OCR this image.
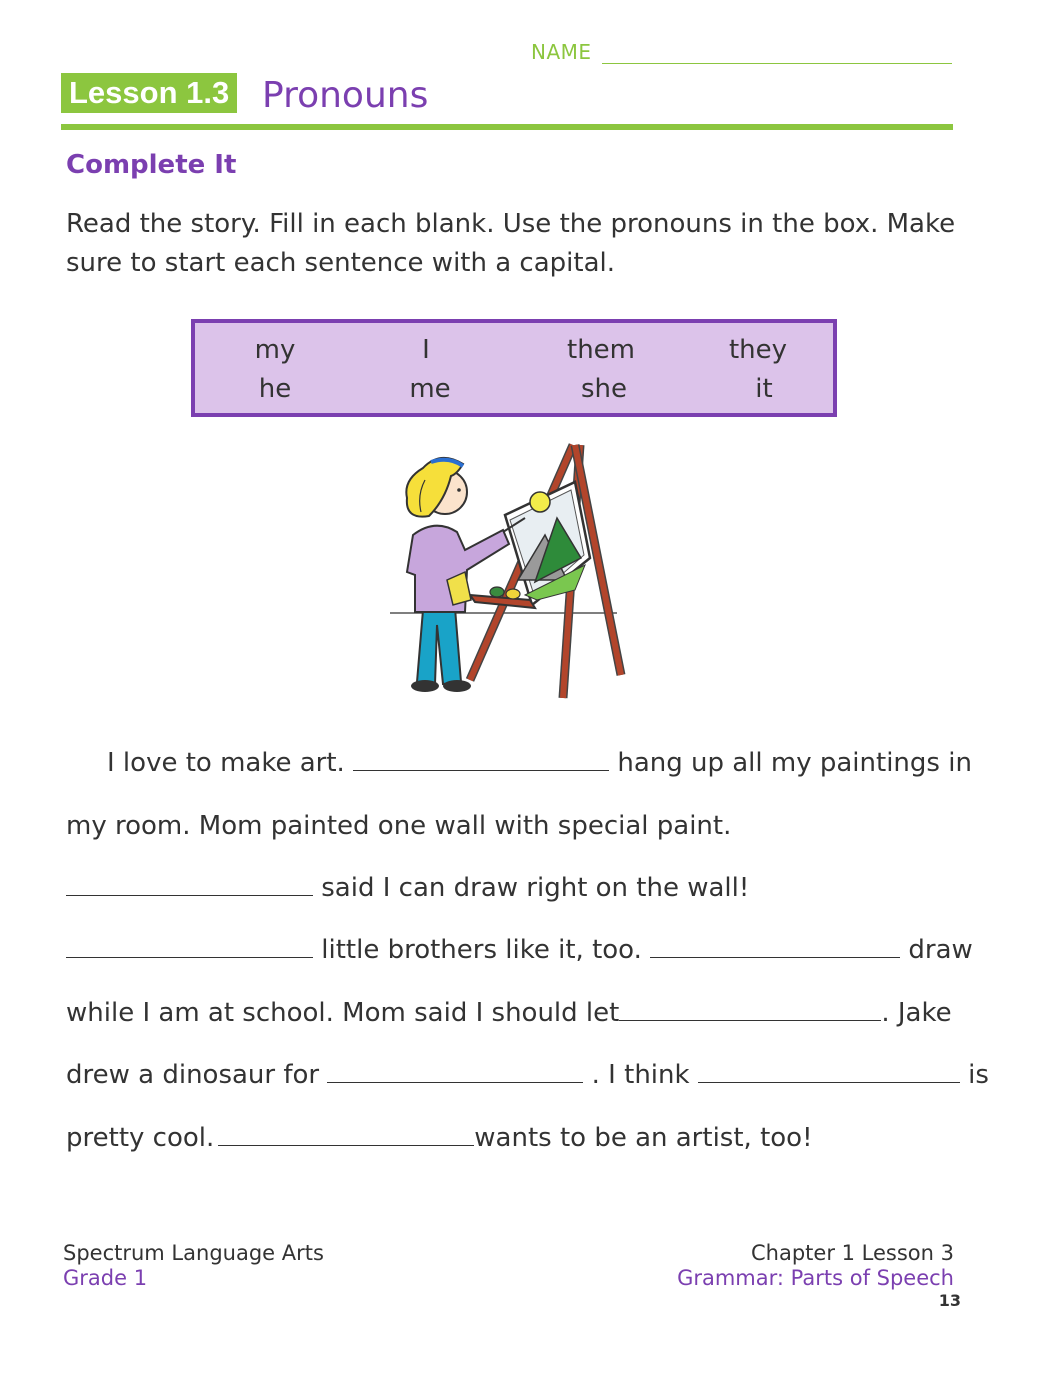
NAME
Lesson 1.3 Pronouns
Complete It
Read the story. Fill in each blank. Use the pronouns in the box. Make
sure to start each sentence with a capital.
my	I	them	they
he	me	she	it
I love to make art.	hang up all my paintings in
my room. Mom painted one wall with special paint.
said I can draw right on the wall!
little brothers like it, too.	draw
while I am at school. Mom said I should let	. Jake
drew a dinosaur for	. I think	is
pretty cool.	wants to be an artist, too!
Spectrum Language Arts
Grade 1
Chapter 1 Lesson 3
Grammar: Parts of Speech
13
